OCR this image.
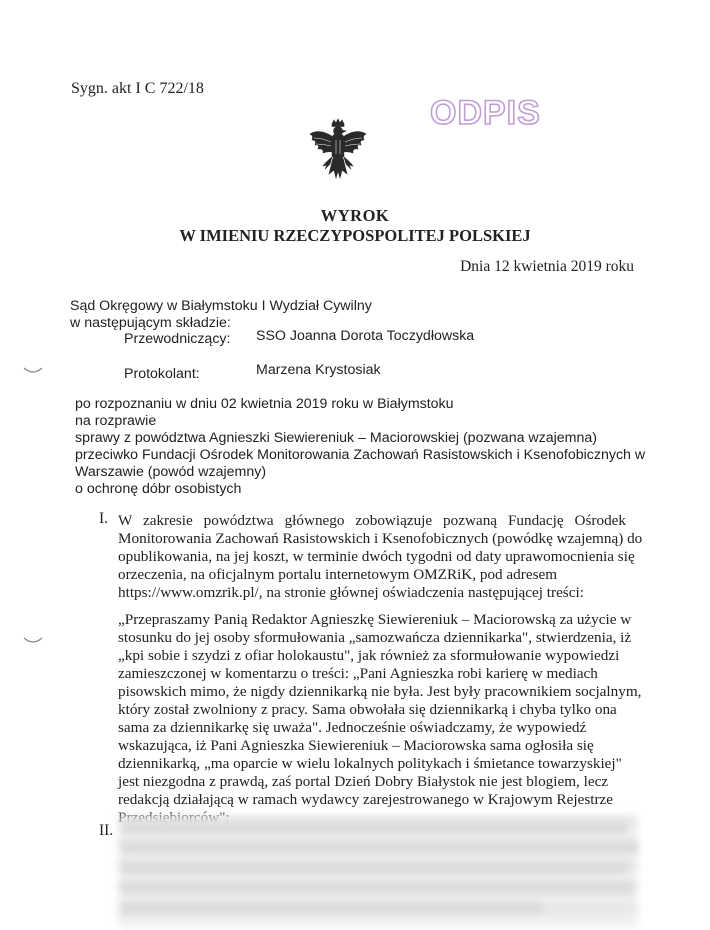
Sygn. akt I C 722/18
ODPIS
WYROK
W IMIENIU RZECZYPOSPOLITEJ POLSKIEJ
Dnia 12 kwietnia 2019 roku
Sąd Okręgowy w Białymstoku I Wydział Cywilny
w następującym składzie:
Przewodniczący: SSO Joanna Dorota Toczydłowska
Protokolant:	Marzena Krystosiak
po rozpoznaniu w dniu 02 kwietnia 2019 roku w Białymstoku
na rozprawie
sprawy z powództwa Agnieszki Siewiereniuk – Maciorowskiej (pozwana wzajemna)
przeciwko Fundacji Ośrodek Monitorowania Zachowań Rasistowskich i Ksenofobicznych w
Warszawie (powód wzajemny)
o ochronę dóbr osobistych
I. W zakresie powództwa głównego zobowiązuje pozwaną Fundację Ośrodek
Monitorowania Zachowań Rasistowskich i Ksenofobicznych (powódkę wzajemną) do
opublikowania, na jej koszt, w terminie dwóch tygodni od daty uprawomocnienia się
orzeczenia, na oficjalnym portalu internetowym OMZRiK, pod adresem
https://www.omzrik.pl/, na stronie głównej oświadczenia następującej treści:
„Przepraszamy Panią Redaktor Agnieszkę Siewiereniuk – Maciorowską za użycie w
stosunku do jej osoby sformułowania „samozwańcza dziennikarka", stwierdzenia, iż
„kpi sobie i szydzi z ofiar holokaustu", jak również za sformułowanie wypowiedzi
zamieszczonej w komentarzu o treści: „Pani Agnieszka robi karierę w mediach
pisowskich mimo, że nigdy dziennikarką nie była. Jest były pracownikiem socjalnym,
który został zwolniony z pracy. Sama obwołała się dziennikarką i chyba tylko ona
sama za dziennikarkę się uważa". Jednocześnie oświadczamy, że wypowiedź
wskazująca, iż Pani Agnieszka Siewiereniuk – Maciorowska sama ogłosiła się
dziennikarką, „ma oparcie w wielu lokalnych politykach i śmietance towarzyskiej"
jest niezgodna z prawdą, zaś portal Dzień Dobry Białystok nie jest blogiem, lecz
redakcją działającą w ramach wydawcy zarejestrowanego w Krajowym Rejestrze
II.
